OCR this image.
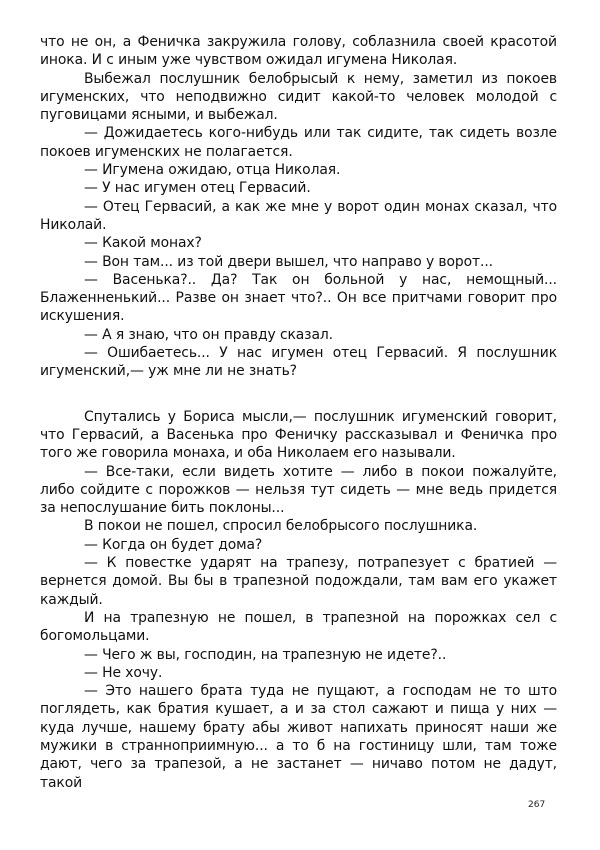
что не он, а Феничка закружила голову, соблазнила своей красотой инока. И с иным уже чувством ожидал игумена Николая.

Выбежал послушник белобрысый к нему, заметил из покоев игуменских, что неподвижно сидит какой-то человек молодой с пуговицами ясными, и выбежал.

— Дожидаетесь кого-нибудь или так сидите, так сидеть возле покоев игуменских не полагается.

— Игумена ожидаю, отца Николая.

— У нас игумен отец Гервасий.

— Отец Гервасий, а как же мне у ворот один монах сказал, что Николай.

— Какой монах?

— Вон там... из той двери вышел, что направо у ворот...

— Васенька?.. Да? Так он больной у нас, немощный... Блаженненький... Разве он знает что?.. Он все притчами говорит про искушения.

— А я знаю, что он правду сказал.

— Ошибаетесь... У нас игумен отец Гервасий. Я послушник игуменский,— уж мне ли не знать?

Спутались у Бориса мысли,— послушник игуменский говорит, что Гервасий, а Васенька про Феничку рассказывал и Феничка про того же говорила монаха, и оба Николаем его называли.

— Все-таки, если видеть хотите — либо в покои пожалуйте, либо сойдите с порожков — нельзя тут сидеть — мне ведь придется за непослушание бить поклоны...

В покои не пошел, спросил белобрысого послушника.

— Когда он будет дома?

— К повестке ударят на трапезу, потрапезует с братией — вернется домой. Вы бы в трапезной подождали, там вам его укажет каждый.

И на трапезную не пошел, в трапезной на порожках сел с богомольцами.

— Чего ж вы, господин, на трапезную не идете?..

— Не хочу.

— Это нашего брата туда не пущают, а господам не то што поглядеть, как братия кушает, а и за стол сажают и пища у них — куда лучше, нашему брату абы живот напихать приносят наши же мужики в странноприимную... а то б на гостиницу шли, там тоже дают, чего за трапезой, а не застанет — ничаво потом не дадут, такой

267
